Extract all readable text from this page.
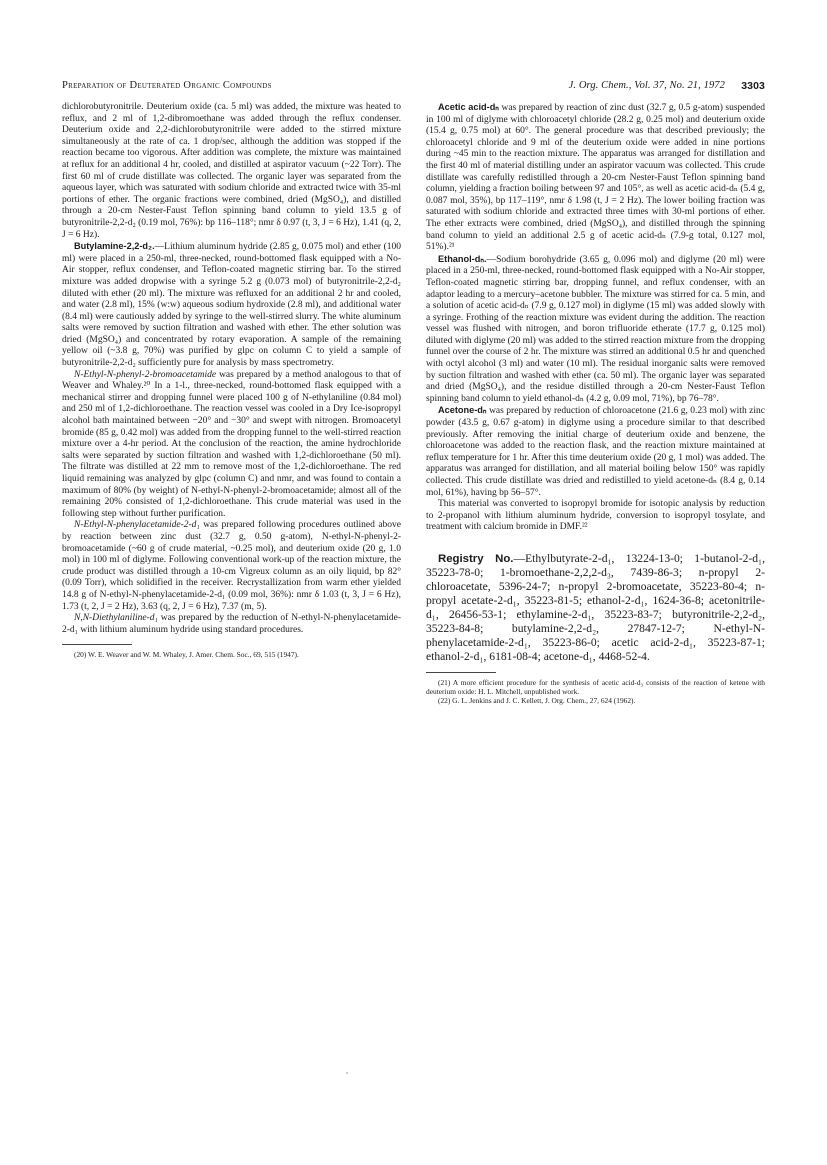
Preparation of Deuterated Organic Compounds	J. Org. Chem., Vol. 37, No. 21, 1972 3303

dichlorobutyronitrile. Deuterium oxide (ca. 5 ml) was added, the mixture was heated to reflux, and 2 ml of 1,2-dibromoethane was added through the reflux condenser. Deuterium oxide and 2,2-dichlorobutyronitrile were added to the stirred mixture simultaneously at the rate of ca. 1 drop/sec, although the addition was stopped if the reaction became too vigorous. After addition was complete, the mixture was maintained at reflux for an additional 4 hr, cooled, and distilled at aspirator vacuum (~22 Torr). The first 60 ml of crude distillate was collected. The organic layer was separated from the aqueous layer, which was saturated with sodium chloride and extracted twice with 35-ml portions of ether. The organic fractions were combined, dried (MgSO₄), and distilled through a 20-cm Nester-Faust Teflon spinning band column to yield 13.5 g of butyronitrile-2,2-d₂ (0.19 mol, 76%): bp 116–118°; nmr δ 0.97 (t, 3, J = 6 Hz), 1.41 (q, 2, J = 6 Hz).

Butylamine-2,2-d₂.—Lithium aluminum hydride (2.85 g, 0.075 mol) and ether (100 ml) were placed in a 250-ml, three-necked, round-bottomed flask equipped with a No-Air stopper, reflux condenser, and Teflon-coated magnetic stirring bar. To the stirred mixture was added dropwise with a syringe 5.2 g (0.073 mol) of butyronitrile-2,2-d₂ diluted with ether (20 ml). The mixture was refluxed for an additional 2 hr and cooled, and water (2.8 ml), 15% (w:w) aqueous sodium hydroxide (2.8 ml), and additional water (8.4 ml) were cautiously added by syringe to the well-stirred slurry. The white aluminum salts were removed by suction filtration and washed with ether. The ether solution was dried (MgSO₄) and concentrated by rotary evaporation. A sample of the remaining yellow oil (~3.8 g, 70%) was purified by glpc on column C to yield a sample of butyronitrile-2,2-d₂ sufficiently pure for analysis by mass spectrometry.

N-Ethyl-N-phenyl-2-bromoacetamide was prepared by a method analogous to that of Weaver and Whaley.²⁰ In a 1-l., three-necked, round-bottomed flask equipped with a mechanical stirrer and dropping funnel were placed 100 g of N-ethylaniline (0.84 mol) and 250 ml of 1,2-dichloroethane. The reaction vessel was cooled in a Dry Ice-isopropyl alcohol bath maintained between −20° and −30° and swept with nitrogen. Bromoacetyl bromide (85 g, 0.42 mol) was added from the dropping funnel to the well-stirred reaction mixture over a 4-hr period. At the conclusion of the reaction, the amine hydrochloride salts were separated by suction filtration and washed with 1,2-dichloroethane (50 ml). The filtrate was distilled at 22 mm to remove most of the 1,2-dichloroethane. The red liquid remaining was analyzed by glpc (column C) and nmr, and was found to contain a maximum of 80% (by weight) of N-ethyl-N-phenyl-2-bromoacetamide; almost all of the remaining 20% consisted of 1,2-dichloroethane. This crude material was used in the following step without further purification.

N-Ethyl-N-phenylacetamide-2-d₁ was prepared following procedures outlined above by reaction between zinc dust (32.7 g, 0.50 g-atom), N-ethyl-N-phenyl-2-bromoacetamide (~60 g of crude material, ~0.25 mol), and deuterium oxide (20 g, 1.0 mol) in 100 ml of diglyme. Following conventional work-up of the reaction mixture, the crude product was distilled through a 10-cm Vigreux column as an oily liquid, bp 82° (0.09 Torr), which solidified in the receiver. Recrystallization from warm ether yielded 14.8 g of N-ethyl-N-phenylacetamide-2-d₁ (0.09 mol, 36%): nmr δ 1.03 (t, 3, J = 6 Hz), 1.73 (t, 2, J = 2 Hz), 3.63 (q, 2, J = 6 Hz), 7.37 (m, 5).

N,N-Diethylaniline-d₁ was prepared by the reduction of N-ethyl-N-phenylacetamide-2-d₁ with lithium aluminum hydride using standard procedures.

(20) W. E. Weaver and W. M. Whaley, J. Amer. Chem. Soc., 69, 515 (1947).

Acetic acid-dₙ was prepared by reaction of zinc dust (32.7 g, 0.5 g-atom) suspended in 100 ml of diglyme with chloroacetyl chloride (28.2 g, 0.25 mol) and deuterium oxide (15.4 g, 0.75 mol) at 60°. The general procedure was that described previously; the chloroacetyl chloride and 9 ml of the deuterium oxide were added in nine portions during ~45 min to the reaction mixture. The apparatus was arranged for distillation and the first 40 ml of material distilling under an aspirator vacuum was collected. This crude distillate was carefully redistilled through a 20-cm Nester-Faust Teflon spinning band column, yielding a fraction boiling between 97 and 105°, as well as acetic acid-dₙ (5.4 g, 0.087 mol, 35%), bp 117–119°, nmr δ 1.98 (t, J = 2 Hz). The lower boiling fraction was saturated with sodium chloride and extracted three times with 30-ml portions of ether. The ether extracts were combined, dried (MgSO₄), and distilled through the spinning band column to yield an additional 2.5 g of acetic acid-dₙ (7.9-g total, 0.127 mol, 51%).²¹

Ethanol-dₙ.—Sodium borohydride (3.65 g, 0.096 mol) and diglyme (20 ml) were placed in a 250-ml, three-necked, round-bottomed flask equipped with a No-Air stopper, Teflon-coated magnetic stirring bar, dropping funnel, and reflux condenser, with an adaptor leading to a mercury–acetone bubbler. The mixture was stirred for ca. 5 min, and a solution of acetic acid-dₙ (7.9 g, 0.127 mol) in diglyme (15 ml) was added slowly with a syringe. Frothing of the reaction mixture was evident during the addition. The reaction vessel was flushed with nitrogen, and boron trifluoride etherate (17.7 g, 0.125 mol) diluted with diglyme (20 ml) was added to the stirred reaction mixture from the dropping funnel over the course of 2 hr. The mixture was stirred an additional 0.5 hr and quenched with octyl alcohol (3 ml) and water (10 ml). The residual inorganic salts were removed by suction filtration and washed with ether (ca. 50 ml). The organic layer was separated and dried (MgSO₄), and the residue distilled through a 20-cm Nester-Faust Teflon spinning band column to yield ethanol-dₙ (4.2 g, 0.09 mol, 71%), bp 76–78°.

Acetone-dₙ was prepared by reduction of chloroacetone (21.6 g, 0.23 mol) with zinc powder (43.5 g, 0.67 g-atom) in diglyme using a procedure similar to that described previously. After removing the initial charge of deuterium oxide and benzene, the chloroacetone was added to the reaction flask, and the reaction mixture maintained at reflux temperature for 1 hr. After this time deuterium oxide (20 g, 1 mol) was added. The apparatus was arranged for distillation, and all material boiling below 150° was rapidly collected. This crude distillate was dried and redistilled to yield acetone-dₙ (8.4 g, 0.14 mol, 61%), having bp 56–57°.

This material was converted to isopropyl bromide for isotopic analysis by reduction to 2-propanol with lithium aluminum hydride, conversion to isopropyl tosylate, and treatment with calcium bromide in DMF.²²

Registry No.—Ethylbutyrate-2-d₁, 13224-13-0; 1-butanol-2-d₁, 35223-78-0; 1-bromoethane-2,2,2-d₃, 7439-86-3; n-propyl 2-chloroacetate, 5396-24-7; n-propyl 2-bromoacetate, 35223-80-4; n-propyl acetate-2-d₁, 35223-81-5; ethanol-2-d₁, 1624-36-8; acetonitrile-d₁, 26456-53-1; ethylamine-2-d₁, 35223-83-7; butyronitrile-2,2-d₂, 35223-84-8; butylamine-2,2-d₂, 27847-12-7; N-ethyl-N-phenylacetamide-2-d₁, 35223-86-0; acetic acid-2-d₁, 35223-87-1; ethanol-2-d₁, 6181-08-4; acetone-d₁, 4468-52-4.

(21) A more efficient procedure for the synthesis of acetic acid-d₃ consists of the reaction of ketene with deuterium oxide: H. L. Mitchell, unpublished work.

(22) G. L. Jenkins and J. C. Kellett, J. Org. Chem., 27, 624 (1962).
